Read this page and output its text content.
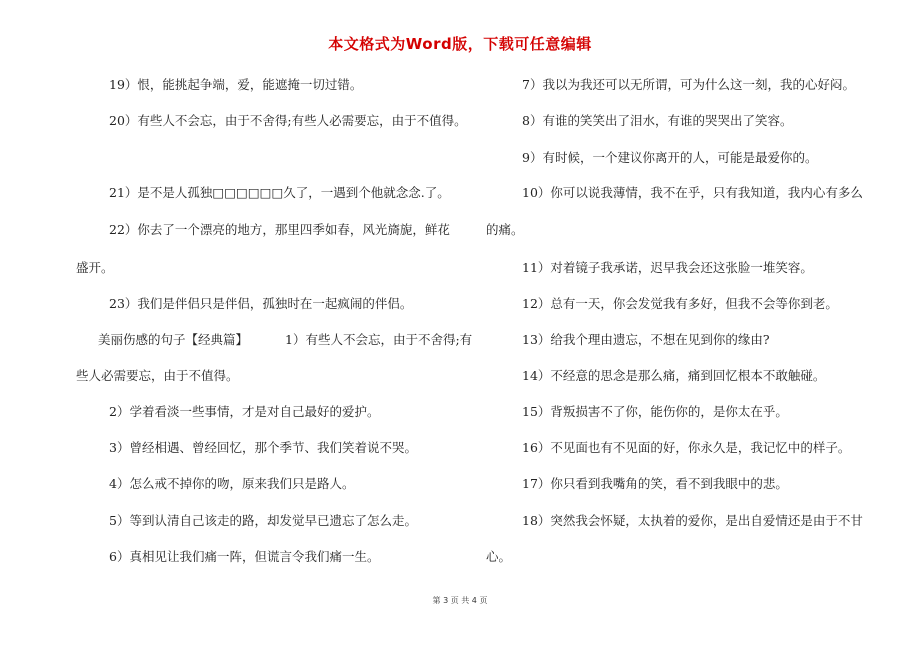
本文格式为Word版，下载可任意编辑
19）恨，能挑起争端，爱，能遮掩一切过错。
20）有些人不会忘，由于不舍得;有些人必需要忘，由于不值得。
21）是不是人孤独□□□□□□久了，一遇到个他就念念.了。
22）你去了一个漂亮的地方，那里四季如春，风光旖旎，鲜花
盛开。
23）我们是伴侣只是伴侣，孤独时在一起疯闹的伴侣。
美丽伤感的句子【经典篇】	1）有些人不会忘，由于不舍得;有
些人必需要忘，由于不值得。
2）学着看淡一些事情，才是对自己最好的爱护。
3）曾经相遇、曾经回忆，那个季节、我们笑着说不哭。
4）怎么戒不掉你的吻，原来我们只是路人。
5）等到认清自己该走的路，却发觉早已遗忘了怎么走。
6）真相见让我们痛一阵，但谎言令我们痛一生。
7）我以为我还可以无所谓，可为什么这一刻，我的心好闷。
8）有谁的笑笑出了泪水，有谁的哭哭出了笑容。
9）有时候，一个建议你离开的人，可能是最爱你的。
10）你可以说我薄情，我不在乎，只有我知道，我内心有多么
的痛。
11）对着镜子我承诺，迟早我会还这张脸一堆笑容。
12）总有一天，你会发觉我有多好，但我不会等你到老。
13）给我个理由遗忘，不想在见到你的缘由?
14）不经意的思念是那么痛，痛到回忆根本不敢触碰。
15）背叛损害不了你，能伤你的，是你太在乎。
16）不见面也有不见面的好，你永久是，我记忆中的样子。
17）你只看到我嘴角的笑，看不到我眼中的悲。
18）突然我会怀疑，太执着的爱你，是出自爱情还是由于不甘
心。
第 3 页 共 4 页
